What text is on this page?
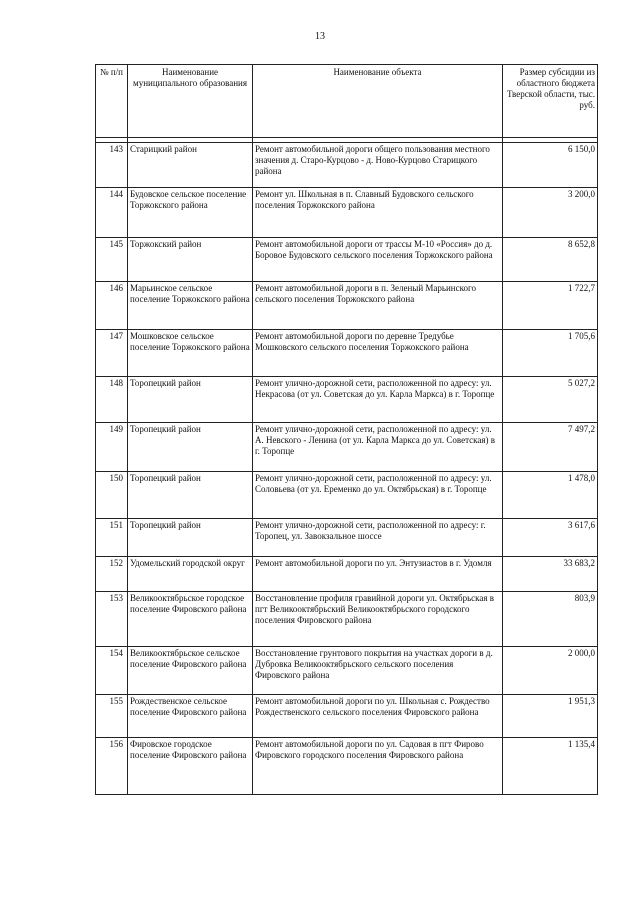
13
№ п/п	Наименование муниципального образования	Наименование объекта	Размер субсидии из областного бюджета Тверской области, тыс. руб.

143	Старицкий район	Ремонт автомобильной дороги общего пользования местного значения д. Старо-Курцово - д. Ново-Курцово Старицкого района	6 150,0
144	Будовское сельское поселение Торжокского района	Ремонт ул. Школьная в п. Славный Будовского сельского поселения Торжокского района	3 200,0
145	Торжокский район	Ремонт автомобильной дороги от трассы М-10 «Россия» до д. Боровое Будовского сельского поселения Торжокского района	8 652,8
146	Марьинское сельское поселение Торжокского района	Ремонт автомобильной дороги в п. Зеленый Марьинского сельского поселения Торжокского района	1 722,7
147	Мошковское сельское поселение Торжокского района	Ремонт автомобильной дороги по деревне Тредубье Мошковского сельского поселения Торжокского района	1 705,6
148	Торопецкий район	Ремонт улично-дорожной сети, расположенной по адресу: ул. Некрасова (от ул. Советская до ул. Карла Маркса) в г. Торопце	5 027,2
149	Торопецкий район	Ремонт улично-дорожной сети, расположенной по адресу: ул. А. Невского - Ленина (от ул. Карла Маркса до ул. Советская) в г. Торопце	7 497,2
150	Торопецкий район	Ремонт улично-дорожной сети, расположенной по адресу: ул. Соловьева (от ул. Еременко до ул. Октябрьская) в г. Торопце	1 478,0
151	Торопецкий район	Ремонт улично-дорожной сети, расположенной по адресу: г. Торопец, ул. Завокзальное шоссе	3 617,6
152	Удомельский городской округ	Ремонт автомобильной дороги по ул. Энтузиастов в г. Удомля	33 683,2
153	Великооктябрьское городское поселение Фировского района	Восстановление профиля гравийной дороги ул. Октябрьская в пгт Великооктябрьский Великооктябрьского городского поселения Фировского района	803,9
154	Великооктябрьское сельское поселение Фировского района	Восстановление грунтового покрытия на участках дороги в д. Дубровка Великооктябрьского сельского поселения Фировского района	2 000,0
155	Рождественское сельское поселение Фировского района	Ремонт автомобильной дороги по ул. Школьная с. Рождество Рождественского сельского поселения Фировского района	1 951,3
156	Фировское городское поселение Фировского района	Ремонт автомобильной дороги по ул. Садовая в пгт Фирово Фировского городского поселения Фировского района	1 135,4
